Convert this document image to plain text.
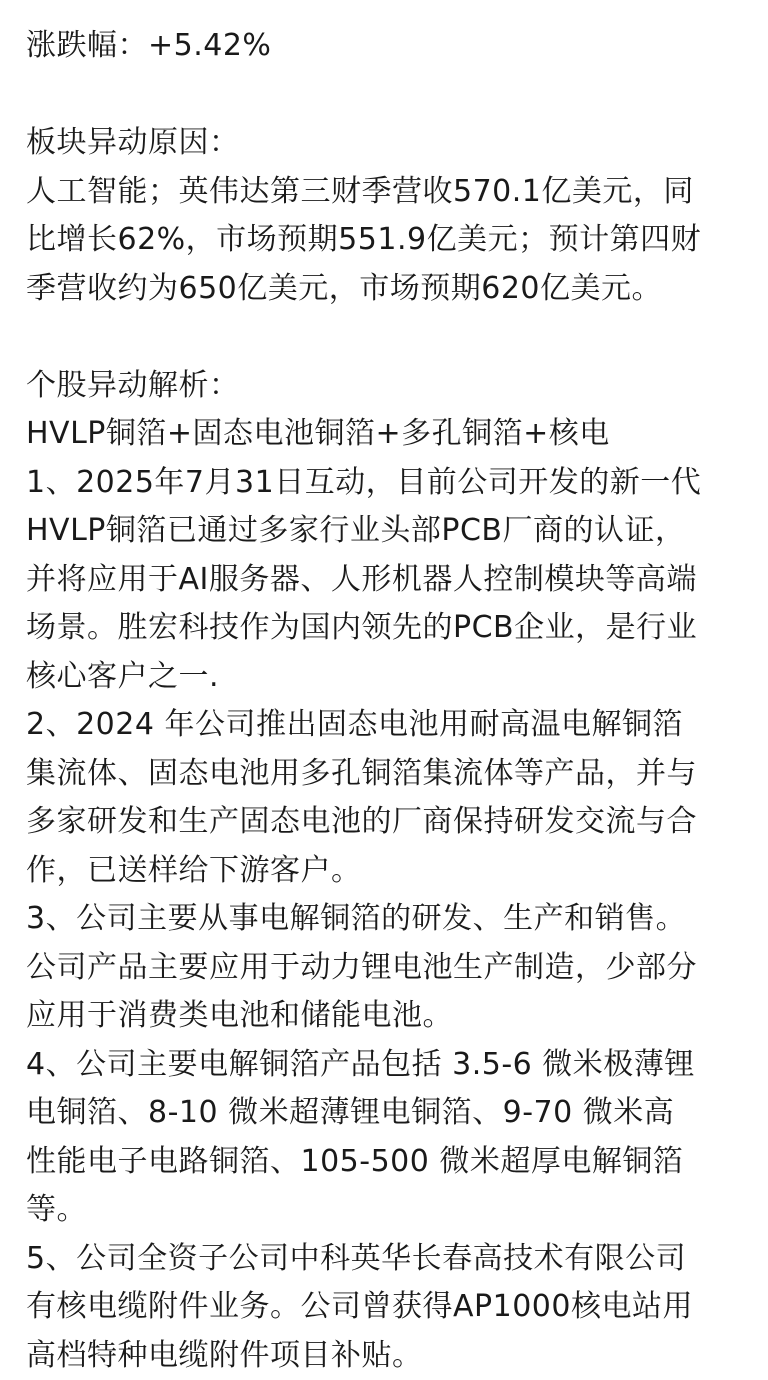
涨跌幅：+5.42%
板块异动原因：
人工智能；英伟达第三财季营收570.1亿美元，同
比增长62%，市场预期551.9亿美元；预计第四财
季营收约为650亿美元，市场预期620亿美元。
个股异动解析：
HVLP铜箔+固态电池铜箔+多孔铜箔+核电
1、2025年7月31日互动，目前公司开发的新一代
HVLP铜箔已通过多家行业头部PCB厂商的认证，
并将应用于AI服务器、人形机器人控制模块等高端
场景。胜宏科技作为国内领先的PCB企业，是行业
核心客户之一.
2、2024 年公司推出固态电池用耐高温电解铜箔
集流体、固态电池用多孔铜箔集流体等产品，并与
多家研发和生产固态电池的厂商保持研发交流与合
作，已送样给下游客户。
3、公司主要从事电解铜箔的研发、生产和销售。
公司产品主要应用于动力锂电池生产制造，少部分
应用于消费类电池和储能电池。
4、公司主要电解铜箔产品包括 3.5-6 微米极薄锂
电铜箔、8-10 微米超薄锂电铜箔、9-70 微米高
性能电子电路铜箔、105-500 微米超厚电解铜箔
等。
5、公司全资子公司中科英华长春高技术有限公司
有核电缆附件业务。公司曾获得AP1000核电站用
高档特种电缆附件项目补贴。
